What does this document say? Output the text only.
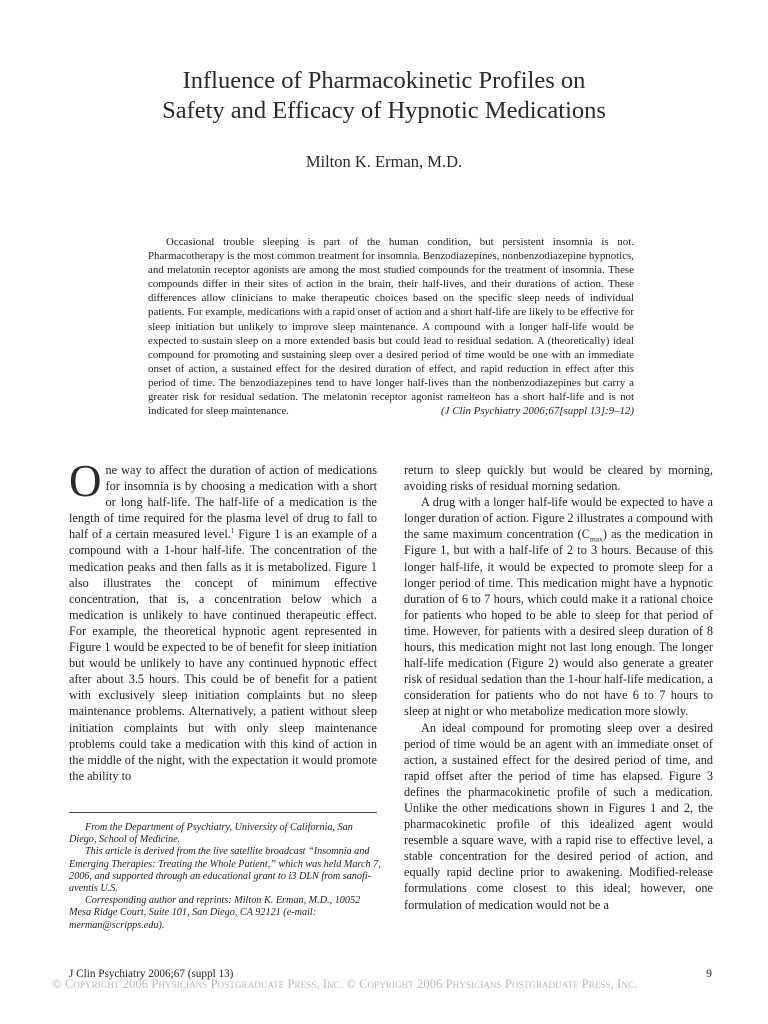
Influence of Pharmacokinetic Profiles on
Safety and Efficacy of Hypnotic Medications
Milton K. Erman, M.D.

Occasional trouble sleeping is part of the human condition, but persistent insomnia is not. Pharmacotherapy is the most common treatment for insomnia. Benzodiazepines, nonbenzodiazepine hypnotics, and melatonin receptor agonists are among the most studied compounds for the treatment of insomnia. These compounds differ in their sites of action in the brain, their half-lives, and their durations of action. These differences allow clinicians to make therapeutic choices based on the specific sleep needs of individual patients. For example, medications with a rapid onset of action and a short half-life are likely to be effective for sleep initiation but unlikely to improve sleep maintenance. A compound with a longer half-life would be expected to sustain sleep on a more extended basis but could lead to residual sedation. A (theoretically) ideal compound for promoting and sustaining sleep over a desired period of time would be one with an immediate onset of action, a sustained effect for the desired duration of effect, and rapid reduction in effect after this period of time. The benzodiazepines tend to have longer half-lives than the nonbenzodiazepines but carry a greater risk for residual sedation. The melatonin receptor agonist ramelteon has a short half-life and is not indicated for sleep maintenance.	(J Clin Psychiatry 2006;67[suppl 13]:9–12)

One way to affect the duration of action of medications for insomnia is by choosing a medication with a short or long half-life. The half-life of a medication is the length of time required for the plasma level of drug to fall to half of a certain measured level.$^1$ Figure 1 is an example of a compound with a 1-hour half-life. The concentration of the medication peaks and then falls as it is metabolized. Figure 1 also illustrates the concept of minimum effective concentration, that is, a concentration below which a medication is unlikely to have continued therapeutic effect. For example, the theoretical hypnotic agent represented in Figure 1 would be expected to be of benefit for sleep initiation but would be unlikely to have any continued hypnotic effect after about 3.5 hours. This could be of benefit for a patient with exclusively sleep initiation complaints but no sleep maintenance problems. Alternatively, a patient without sleep initiation complaints but with only sleep maintenance problems could take a medication with this kind of action in the middle of the night, with the expectation it would promote the ability to

return to sleep quickly but would be cleared by morning, avoiding risks of residual morning sedation.

A drug with a longer half-life would be expected to have a longer duration of action. Figure 2 illustrates a compound with the same maximum concentration $(C_{max})$ as the medication in Figure 1, but with a half-life of 2 to 3 hours. Because of this longer half-life, it would be expected to promote sleep for a longer period of time. This medication might have a hypnotic duration of 6 to 7 hours, which could make it a rational choice for patients who hoped to be able to sleep for that period of time. However, for patients with a desired sleep duration of 8 hours, this medication might not last long enough. The longer half-life medication (Figure 2) would also generate a greater risk of residual sedation than the 1-hour half-life medication, a consideration for patients who do not have 6 to 7 hours to sleep at night or who metabolize medication more slowly.

An ideal compound for promoting sleep over a desired period of time would be an agent with an immediate onset of action, a sustained effect for the desired period of time, and rapid offset after the period of time has elapsed. Figure 3 defines the pharmacokinetic profile of such a medication. Unlike the other medications shown in Figures 1 and 2, the pharmacokinetic profile of this idealized agent would resemble a square wave, with a rapid rise to effective level, a stable concentration for the desired period of action, and equally rapid decline prior to awakening. Modified-release formulations come closest to this ideal; however, one formulation of medication would not be a

From the Department of Psychiatry, University of California, San Diego, School of Medicine.

This article is derived from the live satellite broadcast “Insomnia and Emerging Therapies: Treating the Whole Patient,” which was held March 7, 2006, and supported through an educational grant to i3 DLN from sanofi-aventis U.S.

Corresponding author and reprints: Milton K. Erman, M.D., 10052 Mesa Ridge Court, Suite 101, San Diego, CA 92121 (e-mail: merman@scripps.edu).

© Copyright 2006 Physicians Postgraduate Press, Inc. © Copyright 2006 Physicians Postgraduate Press, Inc.
J Clin Psychiatry 2006;67 (suppl 13)	9
